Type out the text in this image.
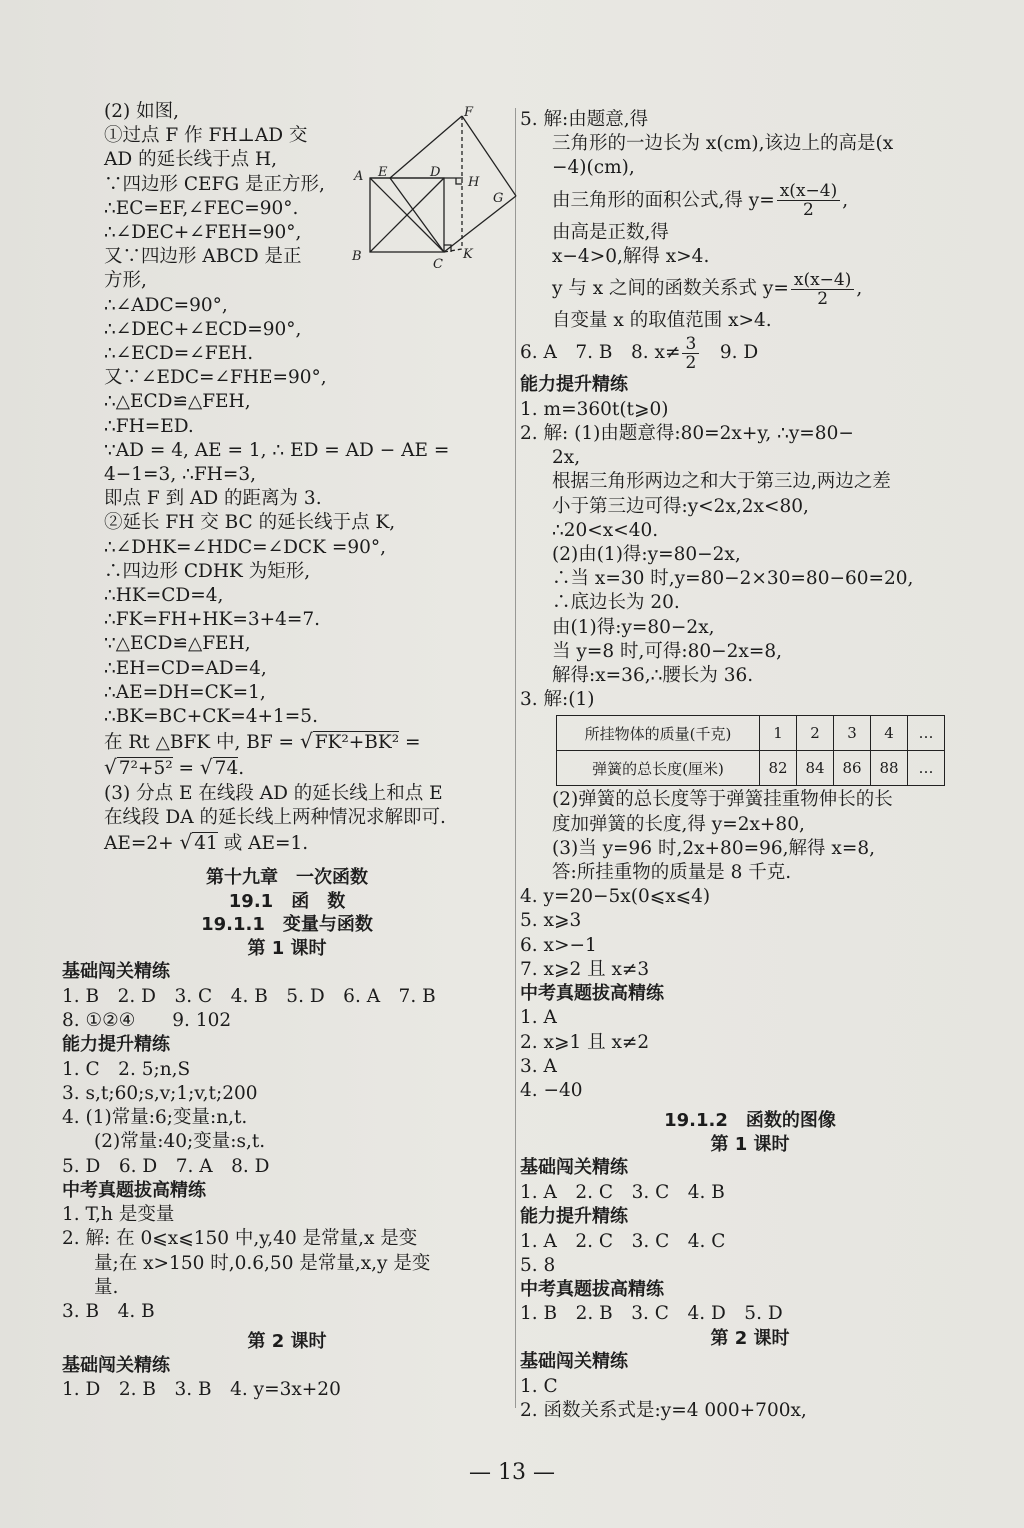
F
A E	D
H
G
B
C
K
(2) 如图,
①过点 F 作 FH⊥AD 交
AD 的延长线于点 H,
∵四边形 CEFG 是正方形,
∴EC=EF,∠FEC=90°.
∴∠DEC+∠FEH=90°,
又∵四边形 ABCD 是正
方形,
∴∠ADC=90°,
∴∠DEC+∠ECD=90°,
∴∠ECD=∠FEH.
又∵∠EDC=∠FHE=90°,
∴△ECD≌△FEH,
∴FH=ED.
∵AD = 4, AE = 1, ∴ ED = AD − AE =
4−1=3, ∴FH=3,
即点 F 到 AD 的距离为 3.
②延长 FH 交 BC 的延长线于点 K,
∴∠DHK=∠HDC=∠DCK =90°,
∴四边形 CDHK 为矩形,
∴HK=CD=4,
∴FK=FH+HK=3+4=7.
∵△ECD≌△FEH,
∴EH=CD=AD=4,
∴AE=DH=CK=1,
∴BK=BC+CK=4+1=5.
在 Rt △BFK 中, BF = √ FK²+BK² =
√ 7²+5² = √ 74.
(3) 分点 E 在线段 AD 的延长线上和点 E
在线段 DA 的延长线上两种情况求解即可.
AE=2+ √ 41 或 AE=1.
第十九章　一次函数
19.1　函　数
19.1.1　变量与函数
第 1 课时
基础闯关精练
1. B　2. D　3. C　4. B　5. D　6. A　7. B
8. ①②④　　9. 102
能力提升精练
1. C　2. 5;n,S
3. s,t;60;s,v;1;v,t;200
4. (1)常量:6;变量:n,t.
(2)常量:40;变量:s,t.
5. D　6. D　7. A　8. D
中考真题拔高精练
1. T,h 是变量
2. 解: 在 0⩽x⩽150 中,y,40 是常量,x 是变
量;在 x>150 时,0.6,50 是常量,x,y 是变
量.
3. B　4. B
第 2 课时
基础闯关精练
1. D　2. B　3. B　4. y=3x+20
5. 解:由题意,得
三角形的一边长为 x(cm),该边上的高是(x
−4)(cm),
由三角形的面积公式,得 $y= \frac{x(x-4)}{2}$ ,
由高是正数,得
x−4>0,解得 x>4.
y 与 x 之间的函数关系式 $y= \frac{x(x-4)}{2}$ ,
自变量 x 的取值范围 x>4.
6. A　7. B　8. $x\ne \frac{3}{2}$ 　9. D
能力提升精练
1. m=360t(t⩾0)
2. 解: (1)由题意得:80=2x+y, ∴y=80−
2x,
根据三角形两边之和大于第三边,两边之差
小于第三边可得:y<2x,2x<80,
∴20<x<40.
(2)由(1)得:y=80−2x,
∴当 x=30 时,y=80−2×30=80−60=20,
∴底边长为 20.
由(1)得:y=80−2x,
当 y=8 时,可得:80−2x=8,
解得:x=36,∴腰长为 36.
3. 解:(1)
所挂物体的质量(千克)	1	2	3	4	…
弹簧的总长度(厘米)	82	84	86	88	…
(2)弹簧的总长度等于弹簧挂重物伸长的长
度加弹簧的长度,得 y=2x+80,
(3)当 y=96 时,2x+80=96,解得 x=8,
答:所挂重物的质量是 8 千克.
4. y=20−5x(0⩽x⩽4)
5. x⩾3
6. x>−1
7. x⩾2 且 x≠3
中考真题拔高精练
1. A
2. x⩾1 且 x≠2
3. A
4. −40
19.1.2　函数的图像
第 1 课时
基础闯关精练
1. A　2. C　3. C　4. B
能力提升精练
1. A　2. C　3. C　4. C
5. 8
中考真题拔高精练
1. B　2. B　3. C　4. D　5. D
第 2 课时
基础闯关精练
1. C
2. 函数关系式是:y=4 000+700x,
— 13 —
